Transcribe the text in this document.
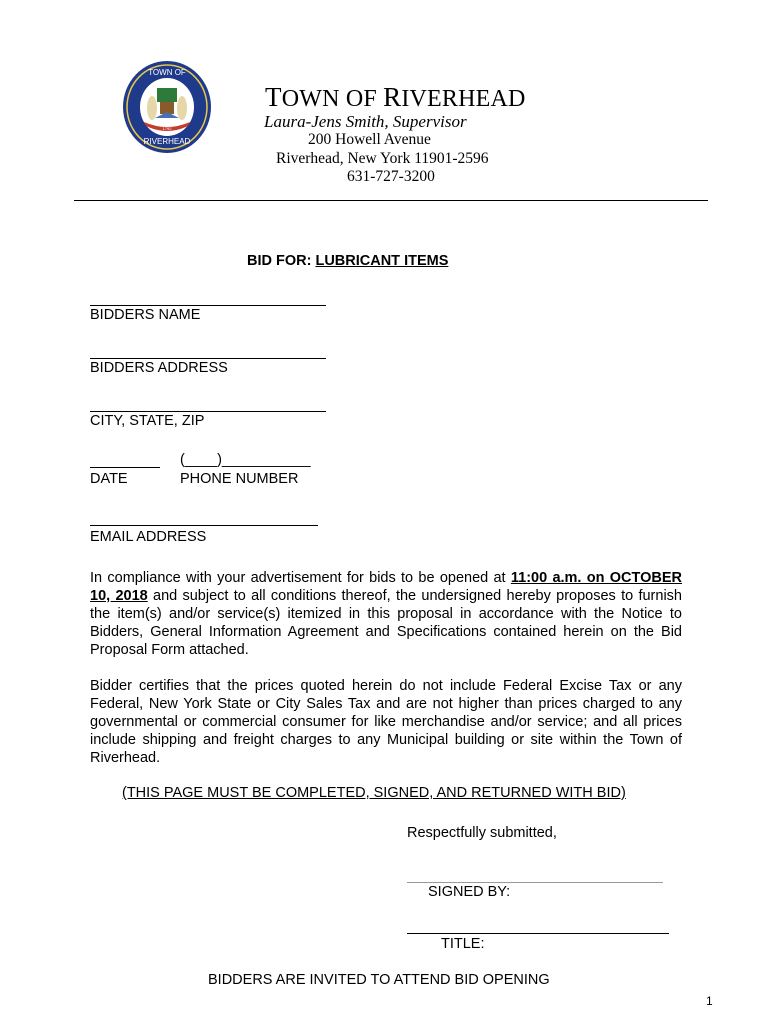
TOWN OF
RIVERHEAD
1792
TOWN OF RIVERHEAD
Laura-Jens Smith, Supervisor
200 Howell Avenue
Riverhead, New York 11901-2596
631-727-3200
BID FOR: LUBRICANT ITEMS
BIDDERS NAME
BIDDERS ADDRESS
CITY, STATE, ZIP
(____)___________
DATE	PHONE NUMBER
EMAIL ADDRESS
In compliance with your advertisement for bids to be opened at 11:00 a.m. on OCTOBER 10, 2018 and subject to all conditions thereof, the undersigned hereby proposes to furnish the item(s) and/or service(s) itemized in this proposal in accordance with the Notice to Bidders, General Information Agreement and Specifications contained herein on the Bid Proposal Form attached.
Bidder certifies that the prices quoted herein do not include Federal Excise Tax or any Federal, New York State or City Sales Tax and are not higher than prices charged to any governmental or commercial consumer for like merchandise and/or service; and all prices include shipping and freight charges to any Municipal building or site within the Town of Riverhead.
(THIS PAGE MUST BE COMPLETED, SIGNED, AND RETURNED WITH BID)
Respectfully submitted,
SIGNED BY:
TITLE:
BIDDERS ARE INVITED TO ATTEND BID OPENING
1
